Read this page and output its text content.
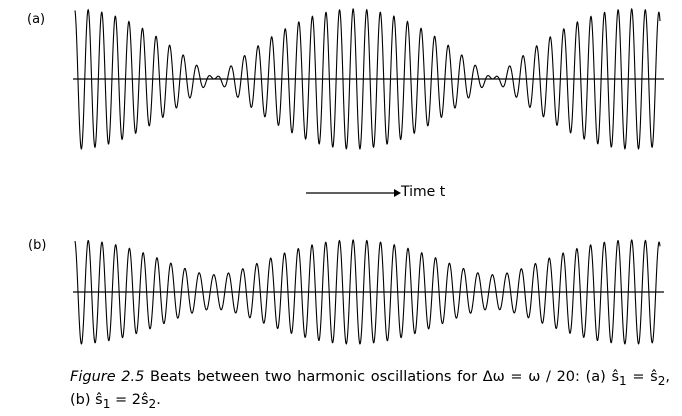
(a)
(b)
Time t
Figure 2.5 Beats between two harmonic oscillations for Δω = ω / 20: (a) $ŝ_1$ = $ŝ_2$, (b) $ŝ_1$ = $2ŝ_2$.
